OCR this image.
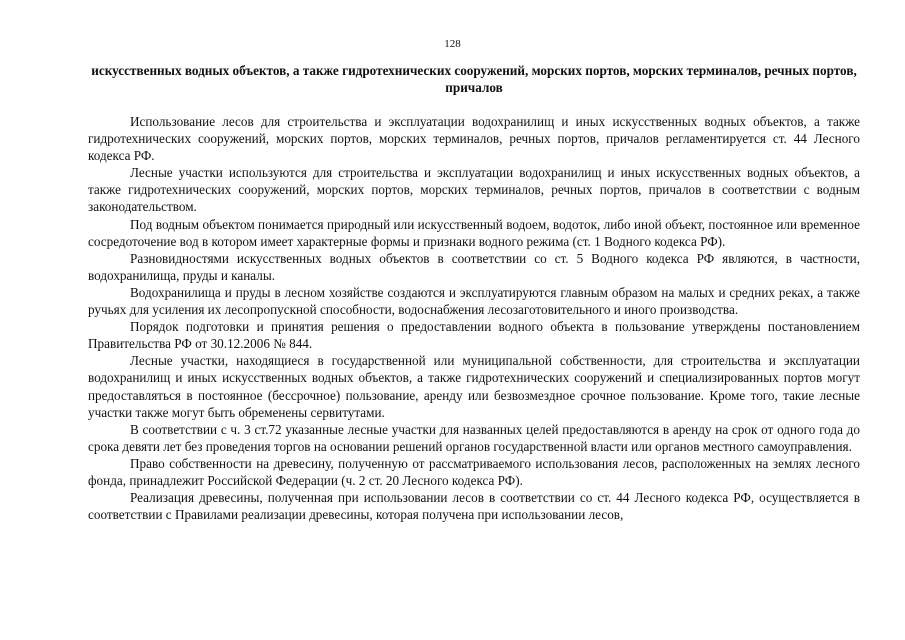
128
искусственных водных объектов, а также гидротехнических сооружений, морских портов, морских терминалов, речных портов, причалов

Использование лесов для строительства и эксплуатации водохранилищ и иных искусственных водных объектов, а также гидротехнических сооружений, морских портов, морских терминалов, речных портов, причалов регламентируется ст. 44 Лесного кодекса РФ.

Лесные участки используются для строительства и эксплуатации водохранилищ и иных искусственных водных объектов, а также гидротехнических сооружений, морских портов, морских терминалов, речных портов, причалов в соответствии с водным законодательством.

Под водным объектом понимается природный или искусственный водоем, водоток, либо иной объект, постоянное или временное сосредоточение вод в котором имеет характерные формы и признаки водного режима (ст. 1 Водного кодекса РФ).

Разновидностями искусственных водных объектов в соответствии со ст. 5 Водного кодекса РФ являются, в частности, водохранилища, пруды и каналы.

Водохранилища и пруды в лесном хозяйстве создаются и эксплуатируются главным образом на малых и средних реках, а также ручьях для усиления их лесопропускной способности, водоснабжения лесозаготовительного и иного производства.

Порядок подготовки и принятия решения о предоставлении водного объекта в пользование утверждены постановлением Правительства РФ от 30.12.2006 № 844.

Лесные участки, находящиеся в государственной или муниципальной собственности, для строительства и эксплуатации водохранилищ и иных искусственных водных объектов, а также гидротехнических сооружений и специализированных портов могут предоставляться в постоянное (бессрочное) пользование, аренду или безвозмездное срочное пользование. Кроме того, такие лесные участки также могут быть обременены сервитутами.

В соответствии с ч. 3 ст.72 указанные лесные участки для названных целей предоставляются в аренду на срок от одного года до срока девяти лет без проведения торгов на основании решений органов государственной власти или органов местного самоуправления.

Право собственности на древесину, полученную от рассматриваемого использования лесов, расположенных на землях лесного фонда, принадлежит Российской Федерации (ч. 2 ст. 20 Лесного кодекса РФ).

Реализация древесины, полученная при использовании лесов в соответствии со ст. 44 Лесного кодекса РФ, осуществляется в соответствии с Правилами реализации древесины, которая получена при использовании лесов,
